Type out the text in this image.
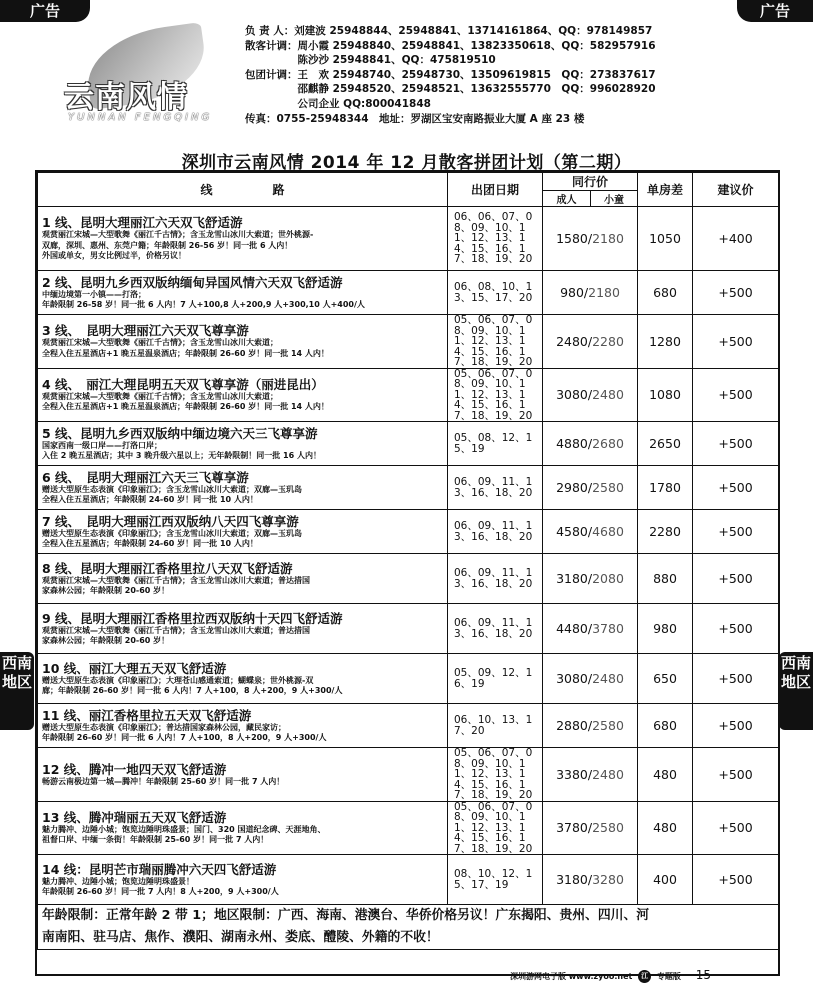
广告	广告
云南风情
YUNNAN FENGQING
负 责 人：刘建波 25948844、25948841、13714161864、QQ：978149857
散客计调：周小霞 25948840、25948841、13823350618、QQ：582957916
　　　　　陈沙沙 25948841、QQ：475819510
包团计调：王　欢 25948740、25948730、13509619815　QQ：273837617
　　　　　邵麒静 25948520、25948521、13632555770　QQ：996028920
　　　　　公司企业 QQ:800041848
传真：0755-25948344　地址：罗湖区宝安南路振业大厦 A 座 23 楼
深圳市云南风情 2014 年 12 月散客拼团计划（第二期）
线　　　　　路	出团日期	同行价		单房差	建议价
		成人	小童		

1 线、昆明大理丽江六天双飞舒适游
观赏丽江宋城—大型歌舞《丽江千古情》；含玉龙雪山冰川大索道；世外桃源-
双廊，深圳、惠州、东莞户籍；年龄限制 26-56 岁！同一批 6 人内！
外国或单女，男女比例过半，价格另议！	06、06、07、08、09、10、11、12、13、14、15、16、17、18、19、20	1580/2180		1050	+400

2 线、昆明九乡西双版纳缅甸异国风情六天双飞舒适游
中缅边境第一小镇——打洛；
年龄限制 26-58 岁！同一批 6 人内！7 人+100,8 人+200,9 人+300,10 人+400/人	06、08、10、13、15、17、20	980/2180		680	+500

3 线、　昆明大理丽江六天双飞尊享游
观赏丽江宋城—大型歌舞《丽江千古情》；含玉龙雪山冰川大索道；
全程入住五星酒店+1 晚五星温泉酒店；年龄限制 26-60 岁！同一批 14 人内！	05、06、07、08、09、10、11、12、13、14、15、16、17、18、19、20	2480/2280		1280	+500

4 线、　丽江大理昆明五天双飞尊享游（丽进昆出）
观赏丽江宋城—大型歌舞《丽江千古情》；含玉龙雪山冰川大索道；
全程入住五星酒店+1 晚五星温泉酒店；年龄限制 26-60 岁！同一批 14 人内！	05、06、07、08、09、10、11、12、13、14、15、16、17、18、19、20	3080/2480		1080	+500

5 线、昆明九乡西双版纳中缅边境六天三飞尊享游
国家西南一级口岸——打洛口岸；
入住 2 晚五星酒店；其中 3 晚升级六星以上；无年龄限制！同一批 16 人内！	05、08、12、15、19	4880/2680		2650	+500

6 线、　昆明大理丽江六天三飞尊享游
赠送大型原生态表演《印象丽江》；含玉龙雪山冰川大索道；双廊—玉玑岛
全程入住五星酒店；年龄限制 24-60 岁！同一批 10 人内！	06、09、11、13、16、18、20	2980/2580		1780	+500

7 线、　昆明大理丽江西双版纳八天四飞尊享游
赠送大型原生态表演《印象丽江》；含玉龙雪山冰川大索道；双廊—玉玑岛
全程入住五星酒店；年龄限制 24-60 岁！同一批 10 人内！	06、09、11、13、16、18、20	4580/4680		2280	+500

8 线、昆明大理丽江香格里拉八天双飞舒适游
观赏丽江宋城—大型歌舞《丽江千古情》；含玉龙雪山冰川大索道；普达措国
家森林公园；年龄限制 20-60 岁！	06、09、11、13、16、18、20	3180/2080		880	+500

9 线、昆明大理丽江香格里拉西双版纳十天四飞舒适游
观赏丽江宋城—大型歌舞《丽江千古情》；含玉龙雪山冰川大索道；普达措国
家森林公园；年龄限制 20-60 岁！	06、09、11、13、16、18、20	4480/3780		980	+500

10 线、丽江大理五天双飞舒适游
赠送大型原生态表演《印象丽江》；大理苍山感通索道；蝴蝶泉；世外桃源-双
廊；年龄限制 26-60 岁！同一批 6 人内！7 人+100，8 人+200，9 人+300/人	05、09、12、16、19	3080/2480		650	+500

11 线、丽江香格里拉五天双飞舒适游
赠送大型原生态表演《印象丽江》；普达措国家森林公园，藏民家访；
年龄限制 26-60 岁！同一批 6 人内！7 人+100，8 人+200，9 人+300/人	06、10、13、17、20	2880/2580		680	+500

12 线、腾冲一地四天双飞舒适游
畅游云南极边第一城—腾冲！年龄限制 25-60 岁！同一批 7 人内！	05、06、07、08、09、10、11、12、13、14、15、16、17、18、19、20	3380/2480		480	+500

13 线、腾冲瑞丽五天双飞舒适游
魅力腾冲、边陲小城；饱览边陲明珠盛景；国门、320 国道纪念碑、天涯地角、
祖督口岸、中缅一条街！年龄限制 25-60 岁！同一批 7 人内！	05、06、07、08、09、10、11、12、13、14、15、16、17、18、19、20	3780/2580		480	+500

14 线：昆明芒市瑞丽腾冲六天四飞舒适游
魅力腾冲、边陲小城；饱览边陲明珠盛景！
年龄限制 26-60 岁！同一批 7 人内！8 人+200，9 人+300/人	08、10、12、15、17、19	3180/3280		400	+500

年龄限制：正常年龄 2 带 1；地区限制：广西、海南、港澳台、华侨价格另议！广东揭阳、贵州、四川、河
南南阳、驻马店、焦作、濮阳、湖南永州、娄底、醴陵、外籍的不收！					
西南地区
西南地区
深圳游网电子版 www.zyoo.net 江 专题版 15
